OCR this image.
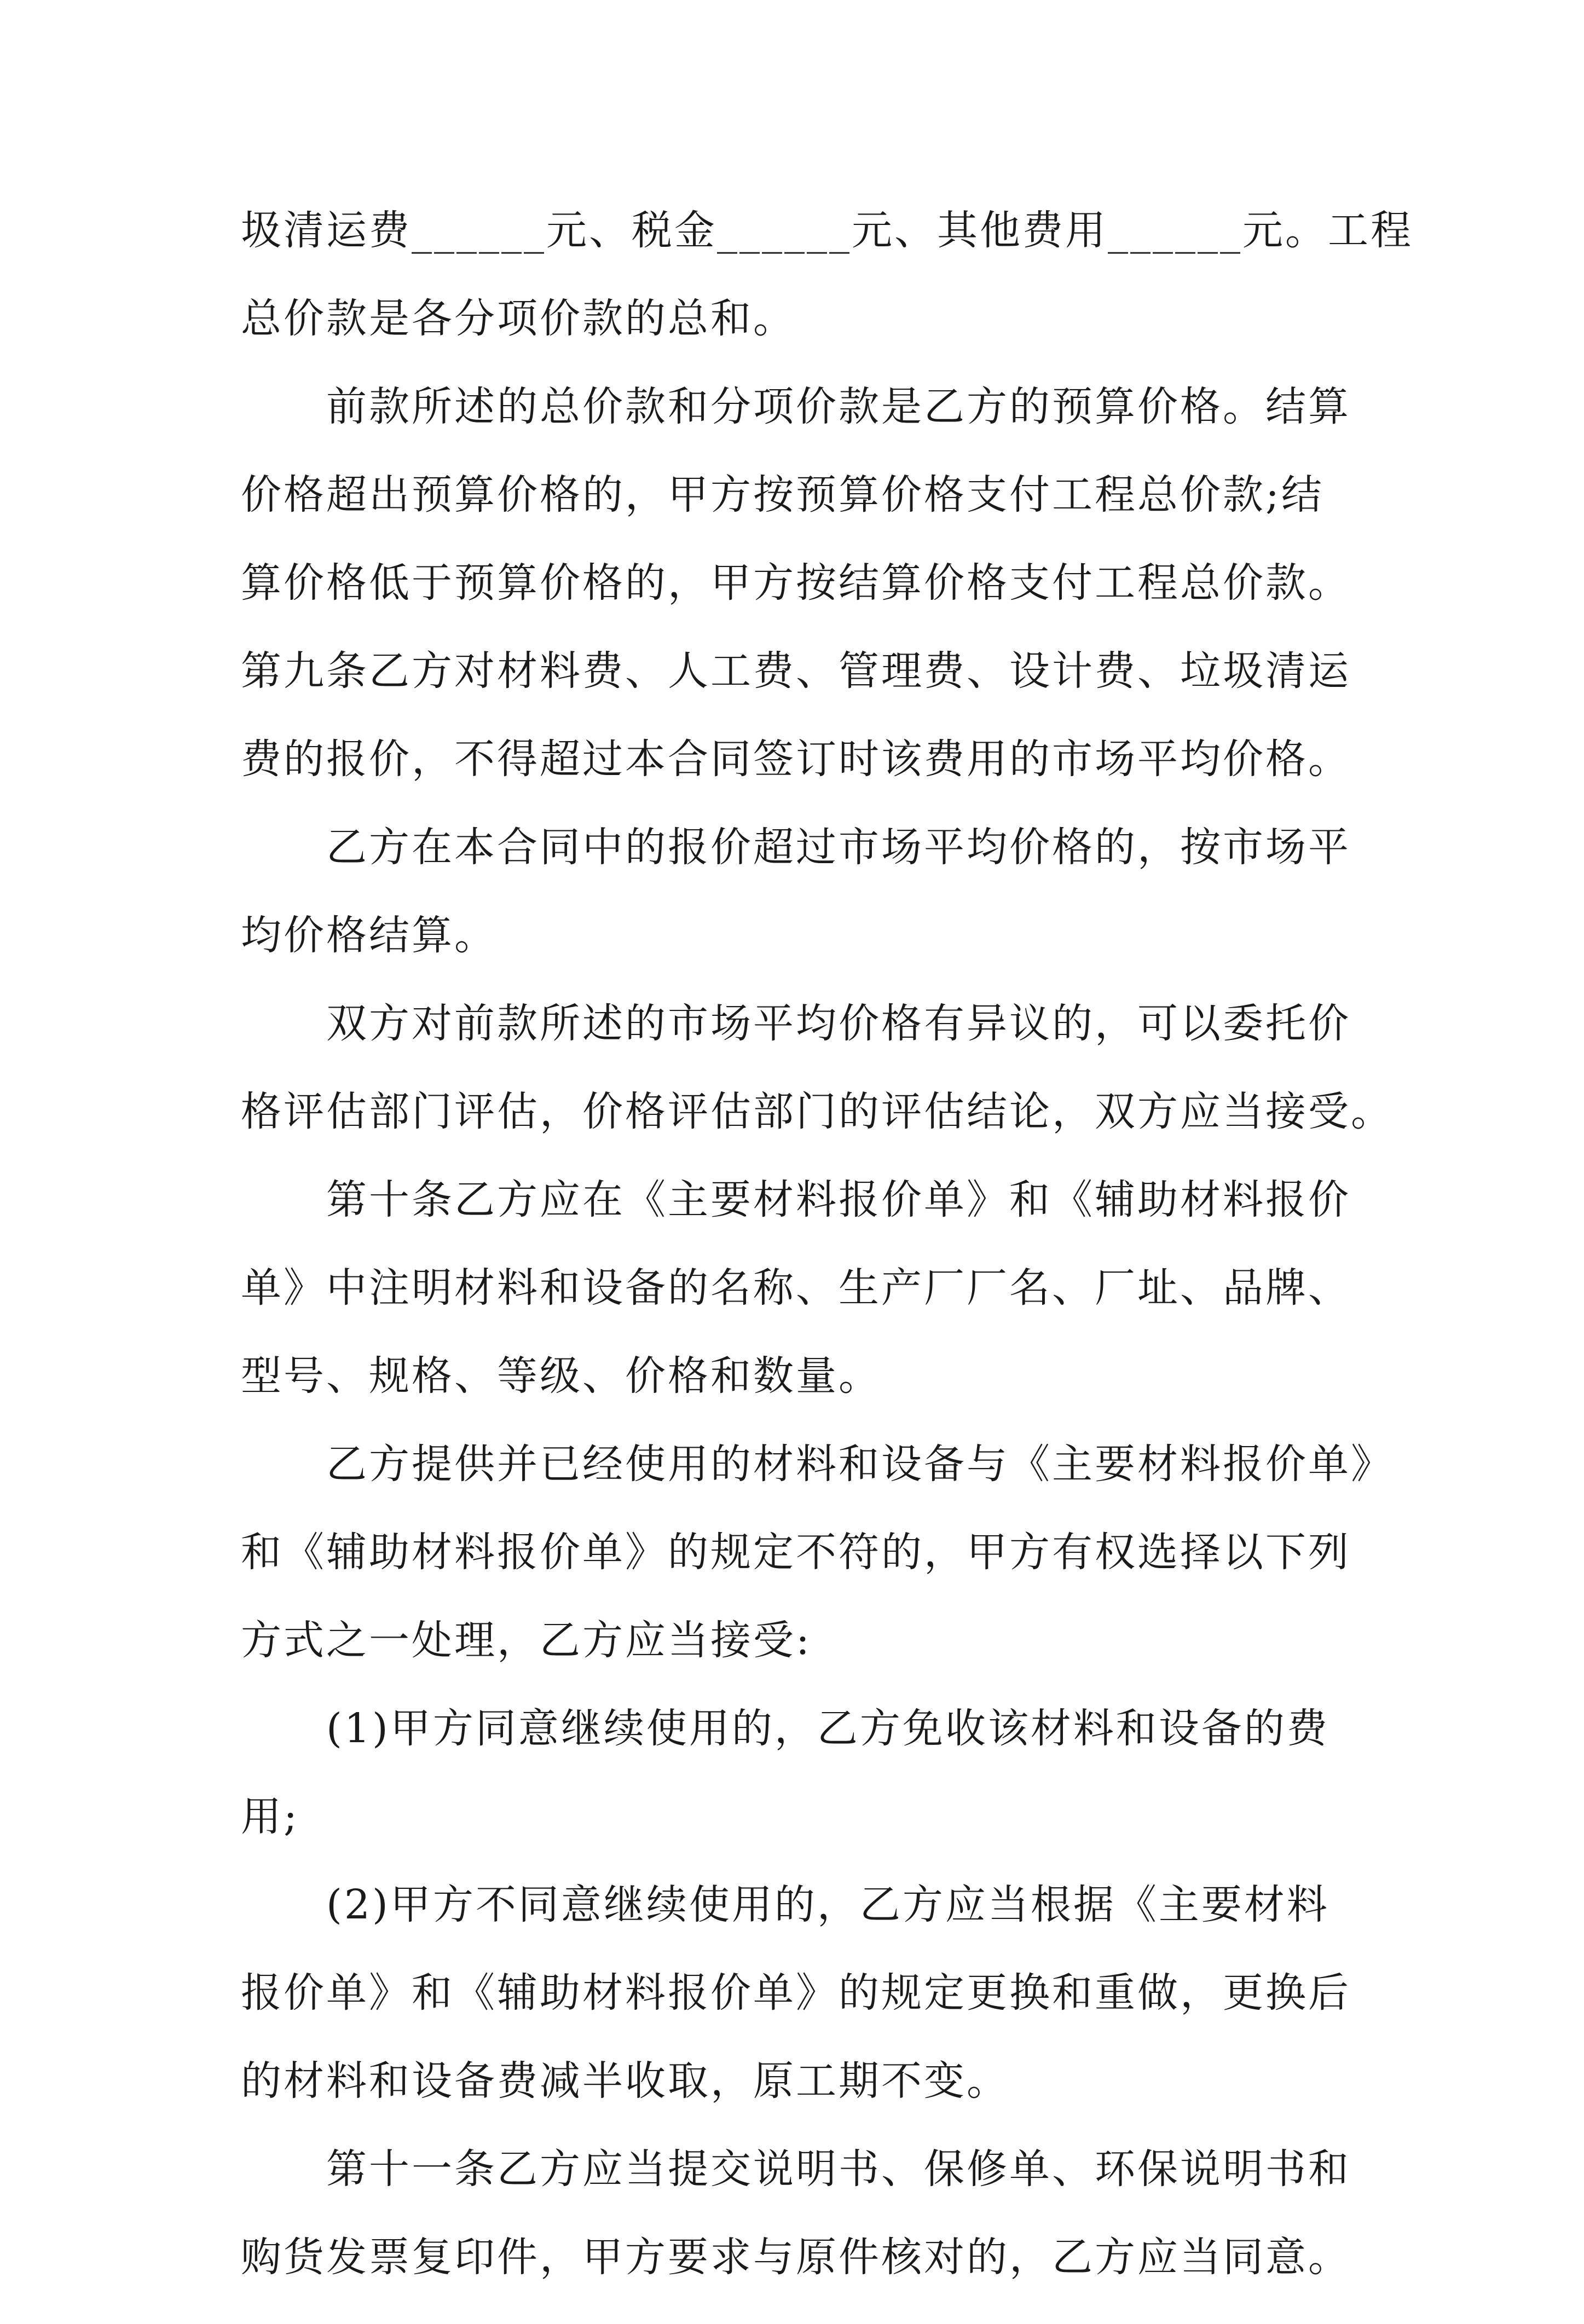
圾清运费______元、税金______元、其他费用______元。工程
总价款是各分项价款的总和。
前款所述的总价款和分项价款是乙方的预算价格。结算
价格超出预算价格的，甲方按预算价格支付工程总价款;结
算价格低于预算价格的，甲方按结算价格支付工程总价款。
第九条乙方对材料费、人工费、管理费、设计费、垃圾清运
费的报价，不得超过本合同签订时该费用的市场平均价格。
乙方在本合同中的报价超过市场平均价格的，按市场平
均价格结算。
双方对前款所述的市场平均价格有异议的，可以委托价
格评估部门评估，价格评估部门的评估结论，双方应当接受。
第十条乙方应在《主要材料报价单》和《辅助材料报价
单》中注明材料和设备的名称、生产厂厂名、厂址、品牌、
型号、规格、等级、价格和数量。
乙方提供并已经使用的材料和设备与《主要材料报价单》
和《辅助材料报价单》的规定不符的，甲方有权选择以下列
方式之一处理，乙方应当接受:
(1)甲方同意继续使用的，乙方免收该材料和设备的费
用;
(2)甲方不同意继续使用的，乙方应当根据《主要材料
报价单》和《辅助材料报价单》的规定更换和重做，更换后
的材料和设备费减半收取，原工期不变。
第十一条乙方应当提交说明书、保修单、环保说明书和
购货发票复印件，甲方要求与原件核对的，乙方应当同意。
